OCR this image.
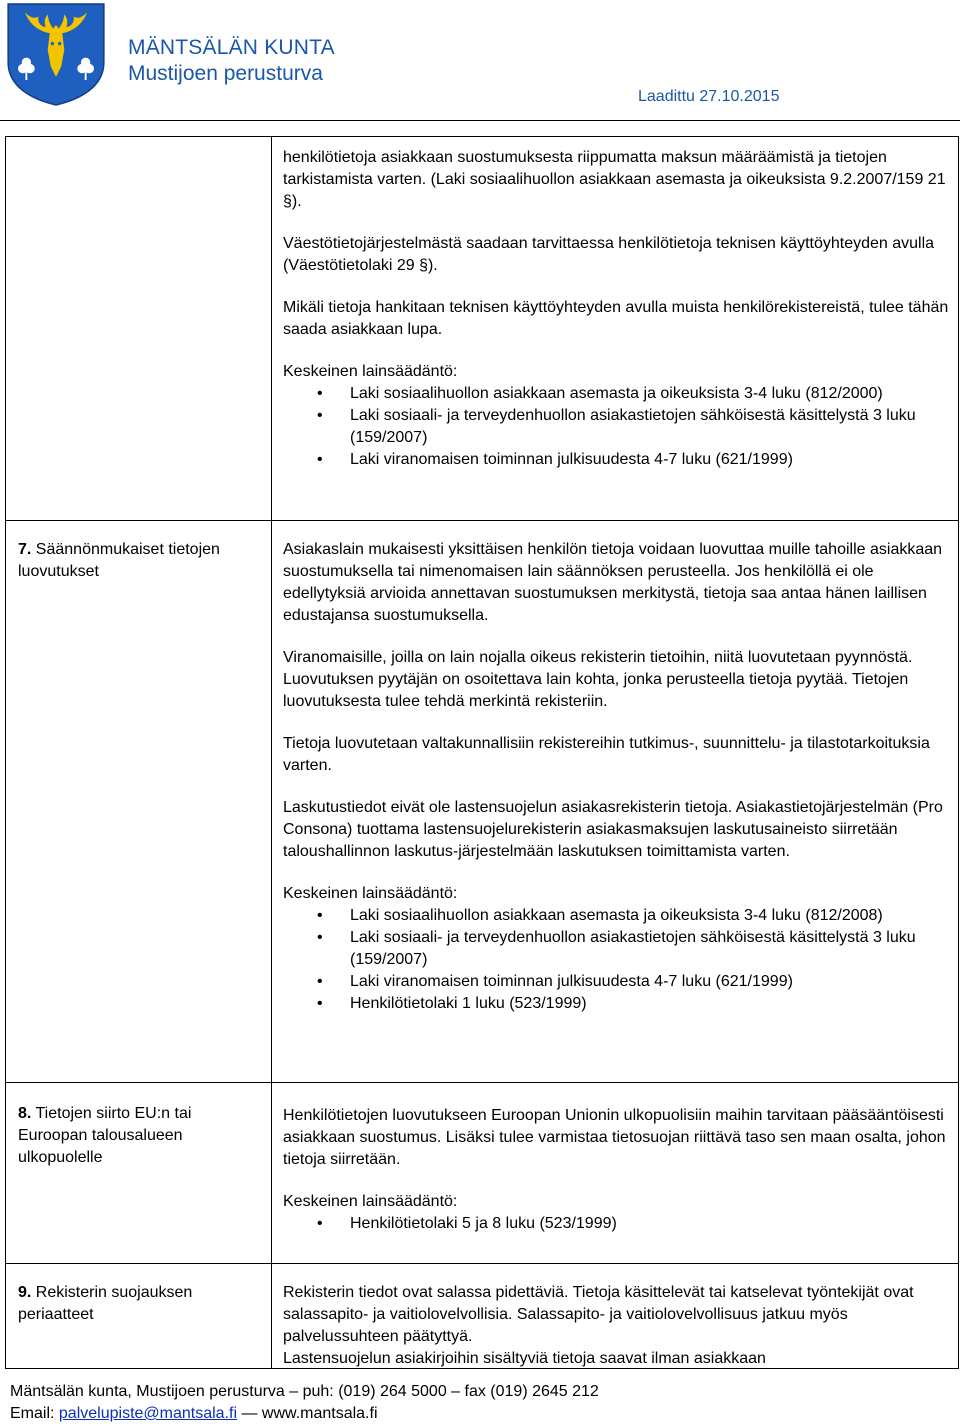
MÄNTSÄLÄN KUNTA
Mustijoen perusturva
Laadittu 27.10.2015

henkilötietoja asiakkaan suostumuksesta riippumatta maksun määräämistä ja tietojen tarkistamista varten. (Laki sosiaalihuollon asiakkaan asemasta ja oikeuksista 9.2.2007/159 21 §).

Väestötietojärjestelmästä saadaan tarvittaessa henkilötietoja teknisen käyttöyhteyden avulla (Väestötietolaki 29 §).

Mikäli tietoja hankitaan teknisen käyttöyhteyden avulla muista henkilörekistereistä, tulee tähän saada asiakkaan lupa.

Keskeinen lainsäädäntö:
• Laki sosiaalihuollon asiakkaan asemasta ja oikeuksista 3-4 luku (812/2000)
• Laki sosiaali- ja terveydenhuollon asiakastietojen sähköisestä käsittelystä 3 luku (159/2007)
• Laki viranomaisen toiminnan julkisuudesta 4-7 luku (621/1999)
7. Säännönmukaiset tietojen luovutukset

Asiakaslain mukaisesti yksittäisen henkilön tietoja voidaan luovuttaa muille tahoille asiakkaan suostumuksella tai nimenomaisen lain säännöksen perusteella. Jos henkilöllä ei ole edellytyksiä arvioida annettavan suostumuksen merkitystä, tietoja saa antaa hänen laillisen edustajansa suostumuksella.

Viranomaisille, joilla on lain nojalla oikeus rekisterin tietoihin, niitä luovutetaan pyynnöstä. Luovutuksen pyytäjän on osoitettava lain kohta, jonka perusteella tietoja pyytää. Tietojen luovutuksesta tulee tehdä merkintä rekisteriin.

Tietoja luovutetaan valtakunnallisiin rekistereihin tutkimus-, suunnittelu- ja tilastotarkoituksia varten.

Laskutustiedot eivät ole lastensuojelun asiakasrekisterin tietoja. Asiakastietojärjestelmän (Pro Consona) tuottama lastensuojelurekisterin asiakasmaksujen laskutusaineisto siirretään taloushallinnon laskutus-järjestelmään laskutuksen toimittamista varten.

Keskeinen lainsäädäntö:
• Laki sosiaalihuollon asiakkaan asemasta ja oikeuksista 3-4 luku (812/2008)
• Laki sosiaali- ja terveydenhuollon asiakastietojen sähköisestä käsittelystä 3 luku (159/2007)
• Laki viranomaisen toiminnan julkisuudesta 4-7 luku (621/1999)
• Henkilötietolaki 1 luku (523/1999)
8. Tietojen siirto EU:n tai Euroopan talousalueen ulkopuolelle

Henkilötietojen luovutukseen Euroopan Unionin ulkopuolisiin maihin tarvitaan pääsääntöisesti asiakkaan suostumus. Lisäksi tulee varmistaa tietosuojan riittävä taso sen maan osalta, johon tietoja siirretään.

Keskeinen lainsäädäntö:
• Henkilötietolaki 5 ja 8 luku (523/1999)
9. Rekisterin suojauksen periaatteet

Rekisterin tiedot ovat salassa pidettäviä. Tietoja käsittelevät tai katselevat työntekijät ovat salassapito- ja vaitiolovelvollisia. Salassapito- ja vaitiolovelvollisuus jatkuu myös palvelussuhteen päätyttyä.

Lastensuojelun asiakirjoihin sisältyviä tietoja saavat ilman asiakkaan

Mäntsälän kunta, Mustijoen perusturva – puh: (019) 264 5000 – fax (019) 2645 212
Email: palvelupiste@mantsala.fi — www.mantsala.fi
